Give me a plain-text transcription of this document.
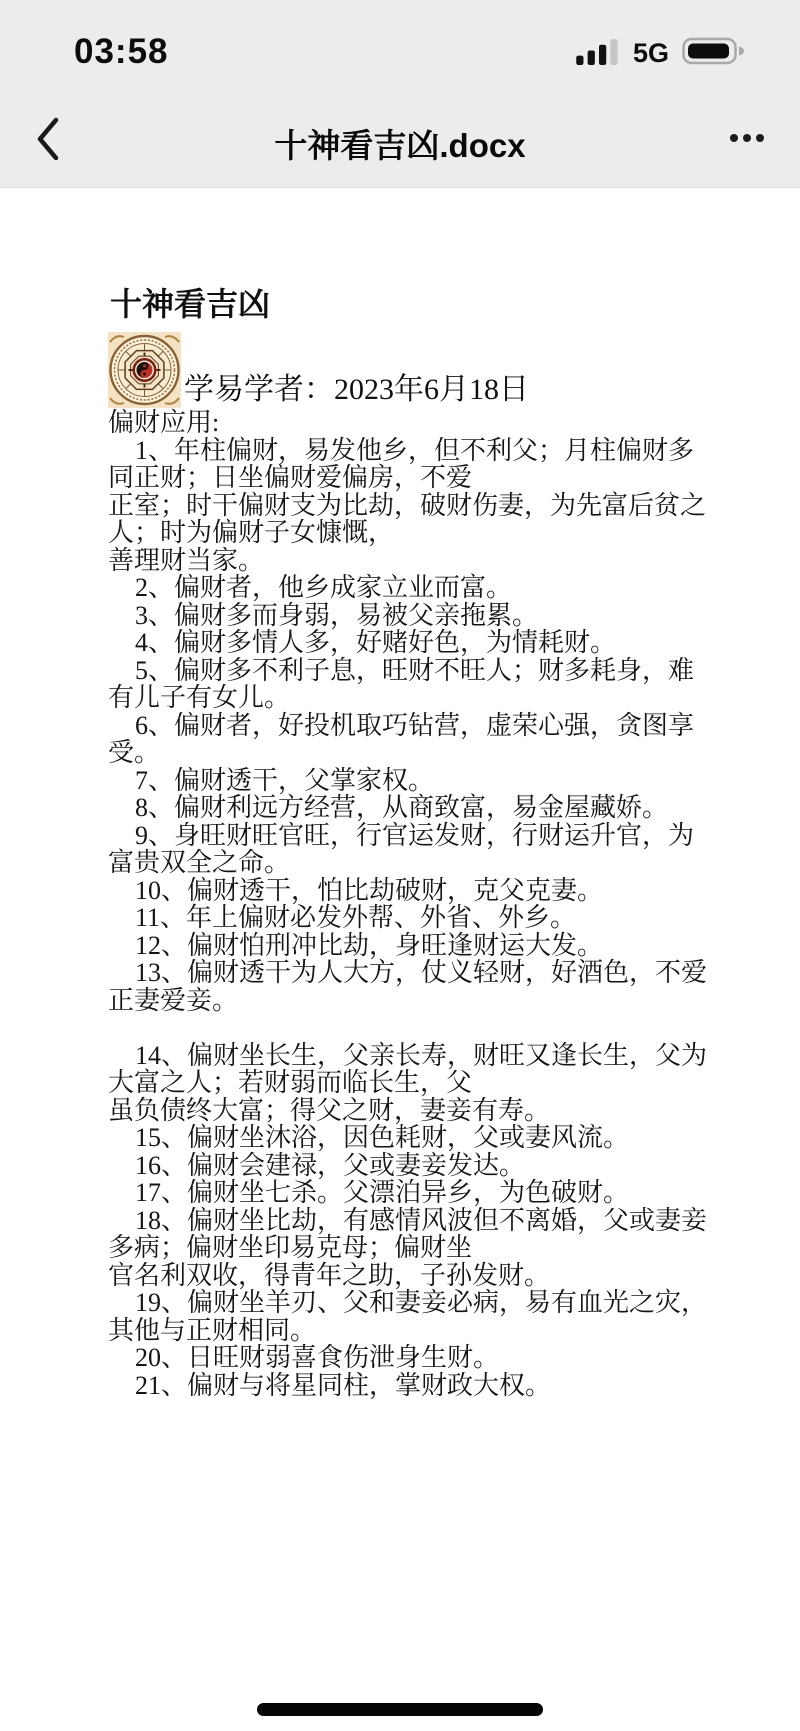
03:58	5G
十神看吉凶.docx
十神看吉凶
学易学者：2023年6月18日
偏财应用:
1、年柱偏财，易发他乡，但不利父；月柱偏财多
同正财；日坐偏财爱偏房，不爱
正室；时干偏财支为比劫，破财伤妻，为先富后贫之
人；时为偏财子女慷慨，
善理财当家。
2、偏财者，他乡成家立业而富。
3、偏财多而身弱，易被父亲拖累。
4、偏财多情人多，好赌好色，为情耗财。
5、偏财多不利子息，旺财不旺人；财多耗身，难
有儿子有女儿。
6、偏财者，好投机取巧钻营，虚荣心强，贪图享
受。
7、偏财透干，父掌家权。
8、偏财利远方经营，从商致富，易金屋藏娇。
9、身旺财旺官旺，行官运发财，行财运升官，为
富贵双全之命。
10、偏财透干，怕比劫破财，克父克妻。
11、年上偏财必发外帮、外省、外乡。
12、偏财怕刑冲比劫，身旺逢财运大发。
13、偏财透干为人大方，仗义轻财，好酒色，不爱
正妻爱妾。
14、偏财坐长生，父亲长寿，财旺又逢长生，父为
大富之人；若财弱而临长生，父
虽负债终大富；得父之财，妻妾有寿。
15、偏财坐沐浴，因色耗财，父或妻风流。
16、偏财会建禄，父或妻妾发达。
17、偏财坐七杀。父漂泊异乡，为色破财。
18、偏财坐比劫，有感情风波但不离婚，父或妻妾
多病；偏财坐印易克母；偏财坐
官名利双收，得青年之助，子孙发财。
19、偏财坐羊刃、父和妻妾必病，易有血光之灾，
其他与正财相同。
20、日旺财弱喜食伤泄身生财。
21、偏财与将星同柱，掌财政大权。
